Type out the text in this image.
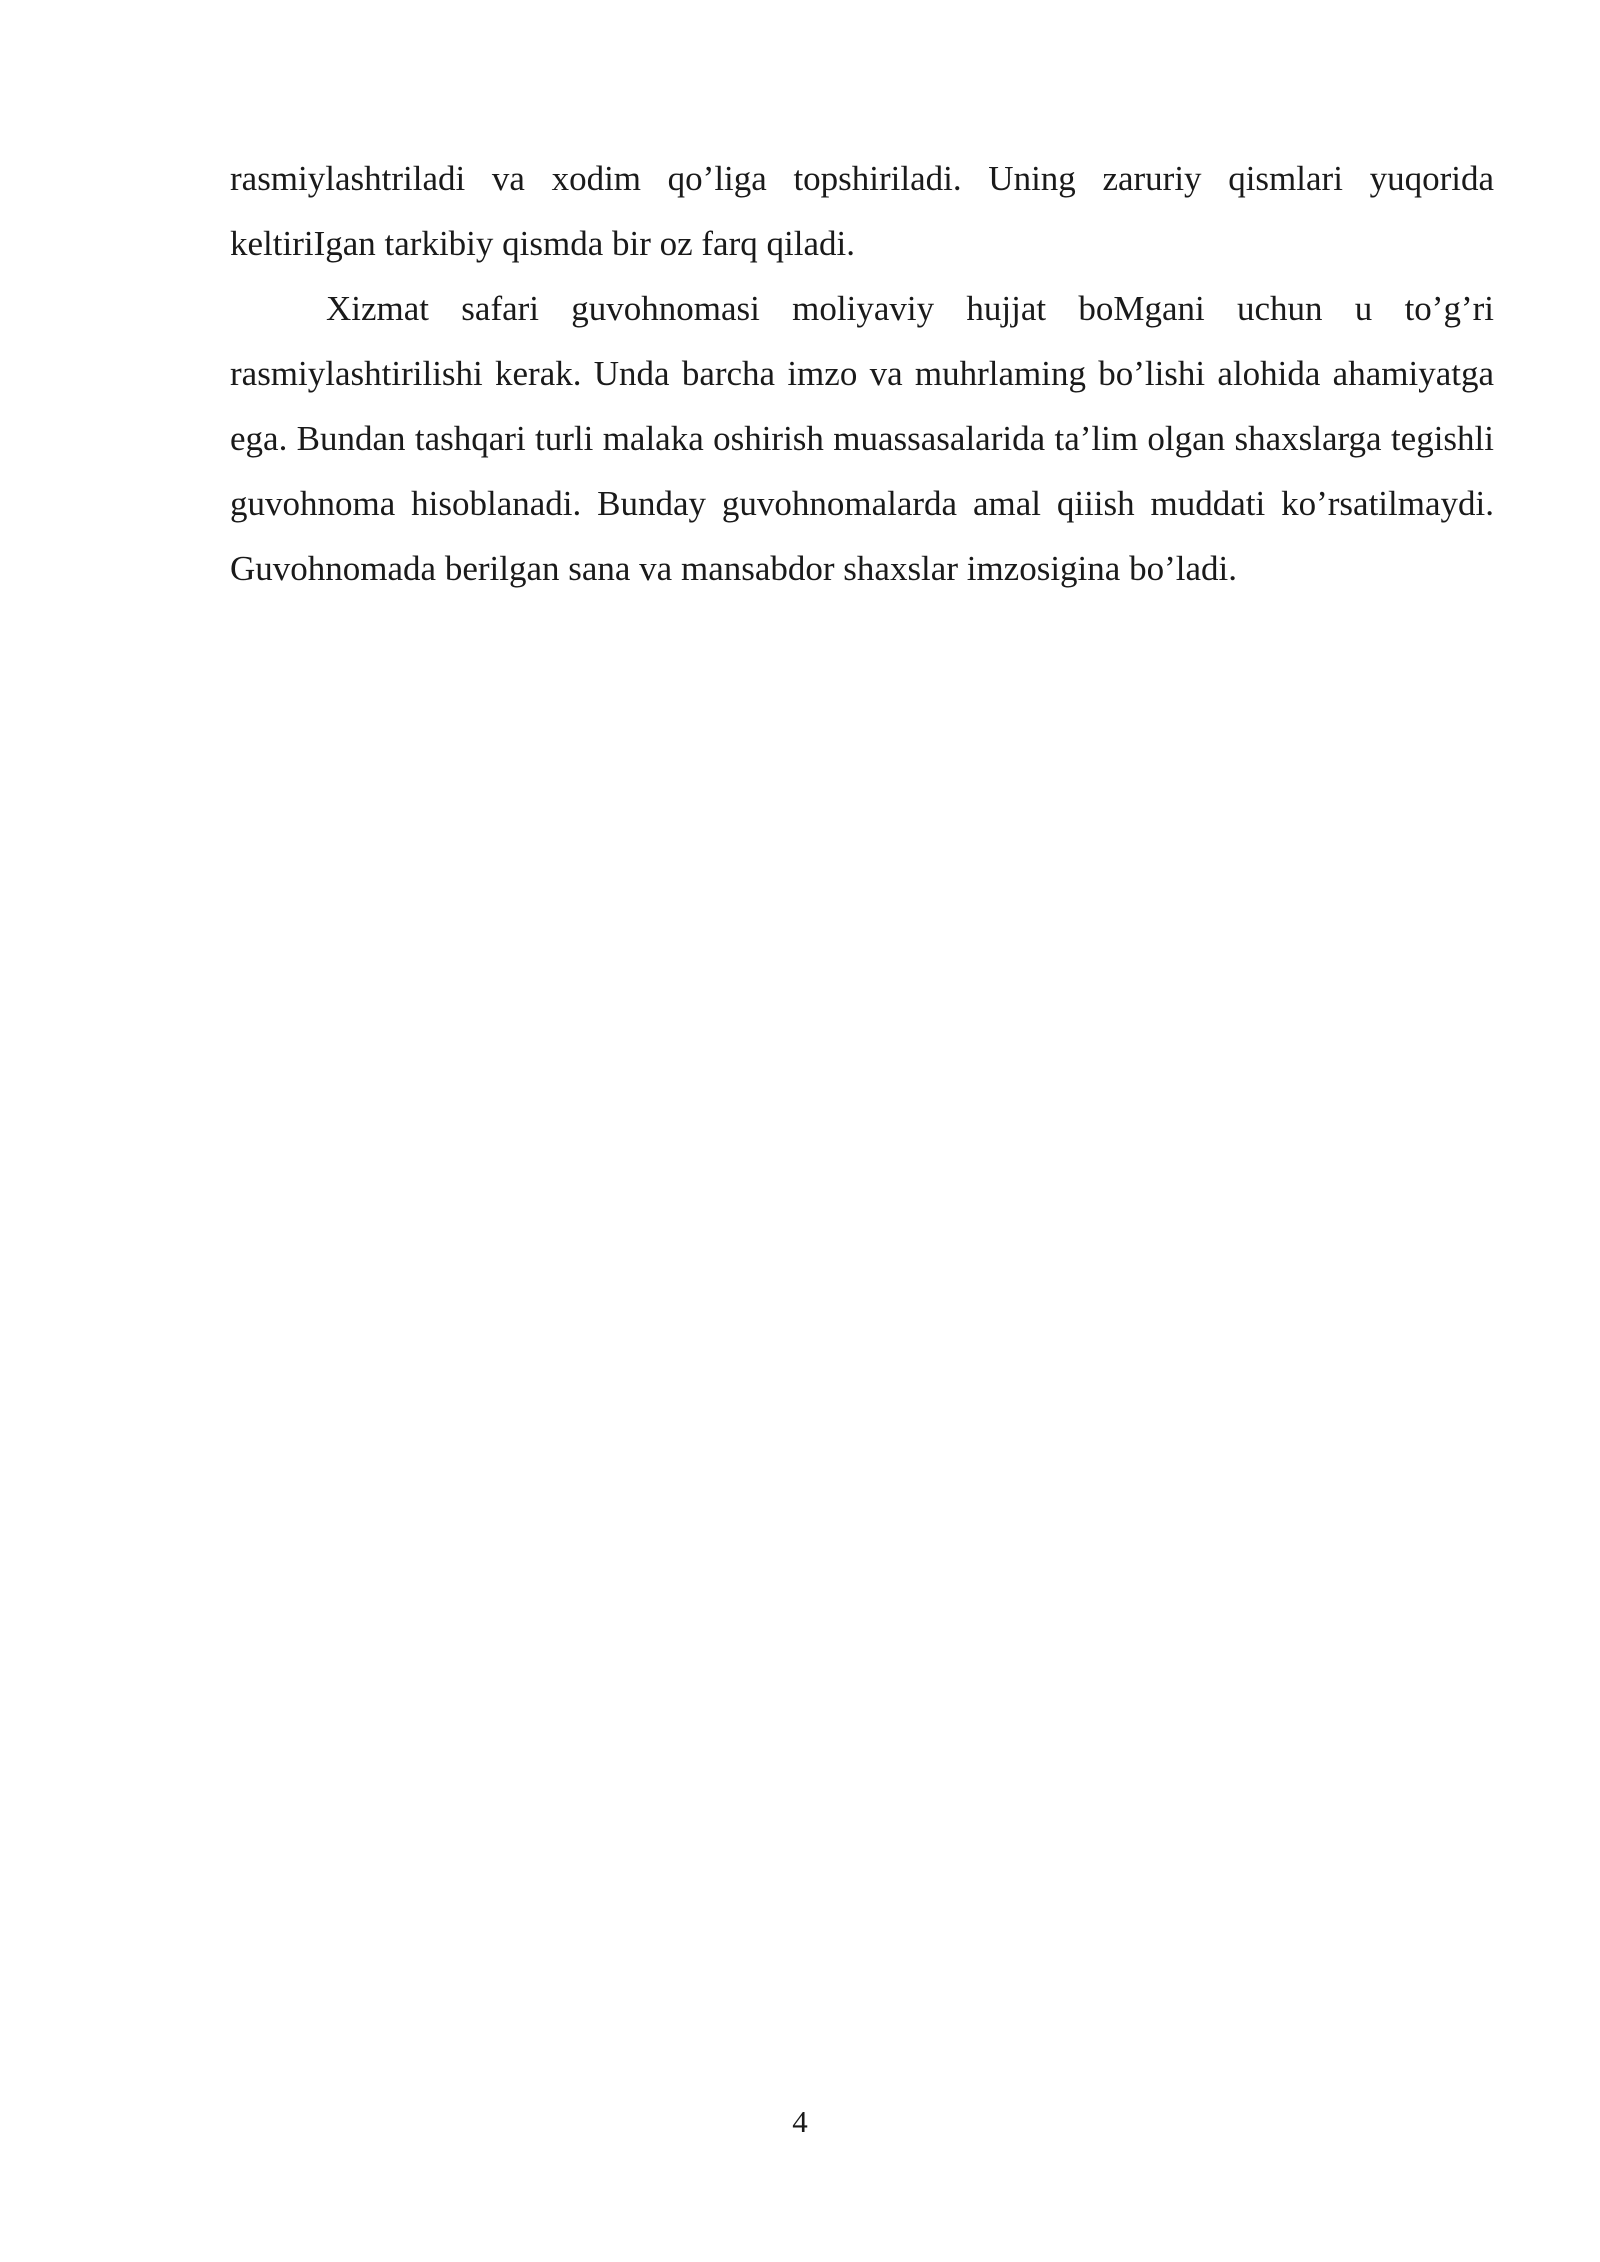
rasmiylashtriladi va xodim qo’liga topshiriladi. Uning zaruriy qismlari yuqorida keltiriIgan tarkibiy qismda bir oz farq qiladi.

Xizmat safari guvohnomasi moliyaviy hujjat boMgani uchun u to’g’ri rasmiylashtirilishi kerak. Unda barcha imzo va muhrlaming bo’lishi alohida ahamiyatga ega. Bundan tashqari turli malaka oshirish muassasalarida ta’lim olgan shaxslarga tegishli guvohnoma hisoblanadi. Bunday guvohnomalarda amal qiiish muddati ko’rsatilmaydi. Guvohnomada berilgan sana va mansabdor shaxslar imzosigina bo’ladi.

4
